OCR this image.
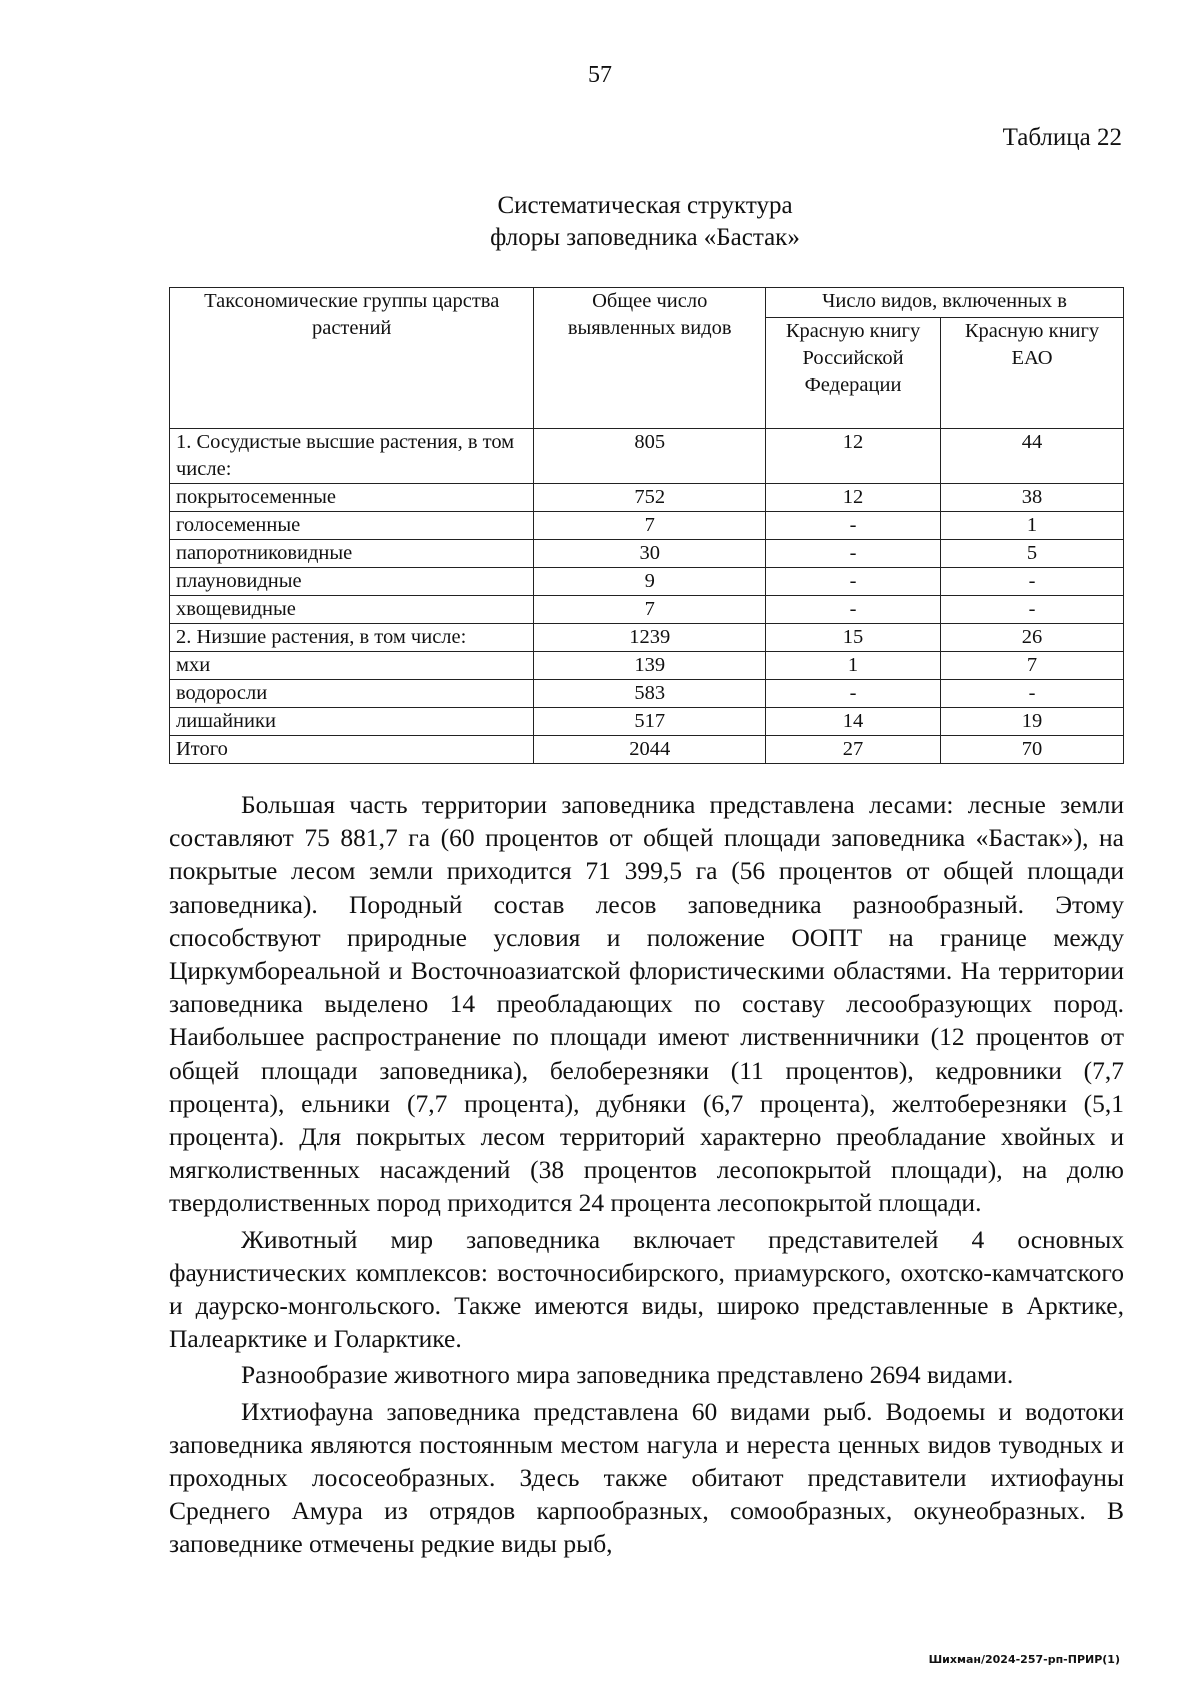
57
Таблица 22
Систематическая структура
флоры заповедника «Бастак»
Таксономические группы царства растений	Общее число выявленных видов	Число видов, включенных в	
		Красную книгу Российской Федерации	Красную книгу ЕАО
1. Сосудистые высшие растения, в том числе:	805	12	44
покрытосеменные	752	12	38
голосеменные	7	-	1
папоротниковидные	30	-	5
плауновидные	9	-	-
хвощевидные	7	-	-
2. Низшие растения, в том числе:	1239	15	26
мхи	139	1	7
водоросли	583	-	-
лишайники	517	14	19
Итого	2044	27	70

Большая часть территории заповедника представлена лесами: лесные земли составляют 75 881,7 га (60 процентов от общей площади заповедника «Бастак»), на покрытые лесом земли приходится 71 399,5 га (56 процентов от общей площади заповедника). Породный состав лесов заповедника разнообразный. Этому способствуют природные условия и положение ООПТ на границе между Циркумбореальной и Восточноазиатской флористическими областями. На территории заповедника выделено 14 преобладающих по составу лесообразующих пород. Наибольшее распространение по площади имеют лиственничники (12 процентов от общей площади заповедника), белоберезняки (11 процентов), кедровники (7,7 процента), ельники (7,7 процента), дубняки (6,7 процента), желтоберезняки (5,1 процента). Для покрытых лесом территорий характерно преобладание хвойных и мягколиственных насаждений (38 процентов лесопокрытой площади), на долю твердолиственных пород приходится 24 процента лесопокрытой площади.

Животный мир заповедника включает представителей 4 основных фаунистических комплексов: восточносибирского, приамурского, охотско-камчатского и даурско-монгольского. Также имеются виды, широко представленные в Арктике, Палеарктике и Голарктике.

Разнообразие животного мира заповедника представлено 2694 видами.

Ихтиофауна заповедника представлена 60 видами рыб. Водоемы и водотоки заповедника являются постоянным местом нагула и нереста ценных видов туводных и проходных лососеобразных. Здесь также обитают представители ихтиофауны Среднего Амура из отрядов карпообразных, сомообразных, окунеобразных. В заповеднике отмечены редкие виды рыб,

Шихман/2024-257-рп-ПРИР(1)
